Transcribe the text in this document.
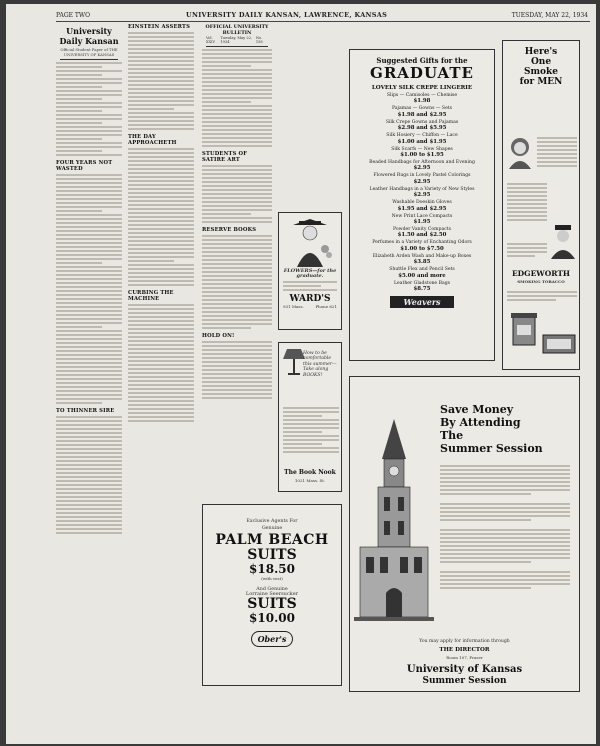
PAGE TWO	UNIVERSITY DAILY KANSAN, LAWRENCE, KANSAS	TUESDAY, MAY 22, 1934
University Daily Kansan
Official Student Paper of THE UNIVERSITY OF KANSAS
FOUR YEARS NOT WASTED
TO THINNER SIRE
EINSTEIN ASSERTS
THE DAY APPROACHETH
CURBING THE MACHINE
OFFICIAL UNIVERSITY BULLETIN
Vol. XXIV
Tuesday, May 22, 1934
No. 158
STUDENTS OF SATIRE ART
RESERVE BOOKS
HOLD ON!
FLOWERS—for the graduate.
WARD'S
931 Mass.	Phone 621
How to be comfortable this summer—Take along BOOKS!
The Book Nook
1021 Mass. St.
Exclusive Agents For
Genuine
PALM BEACH
SUITS
$18.50
(with vest)
And Genuine
Lorraine Seersucker
SUITS
$10.00
Ober's
Suggested Gifts for the
GRADUATE
LOVELY SILK CREPE LINGERIE
Slips — Camisoles — Chemise
$1.98
Pajamas — Gowns — Sets
$1.98 and $2.95
Silk Crepe Gowns and Pajamas
$2.98 and $5.95
Silk Hosiery — Chiffon — Lace
$1.00 and $1.95
Silk Scarfs — New Shapes
$1.00 to $1.95
Beaded Handbags for Afternoon and Evening
$2.95
Flowered Rugs in Lovely Pastel Colorings
$2.95
Leather Handbags in a Variety of New Styles
$2.95
Washable Doeskin Gloves
$1.95 and $2.95
New Print Lace Compacts
$1.95
Powder Vanity Compacts
$1.50 and $2.50
Perfumes in a Variety of Enchanting Odors
$1.00 to $7.50
Elizabeth Arden Wash and Make-up Boxes
$3.85
Shuttle Flex and Pencil Sets
$5.00 and more
Leather Gladstone Bags
$8.75
Weavers
Here's
One
Smoke
for MEN
EDGEWORTH
SMOKING TOBACCO
Save Money
By Attending
The
Summer Session
You may apply for information through
THE DIRECTOR
Room 107, Fraser
University of Kansas
Summer Session
